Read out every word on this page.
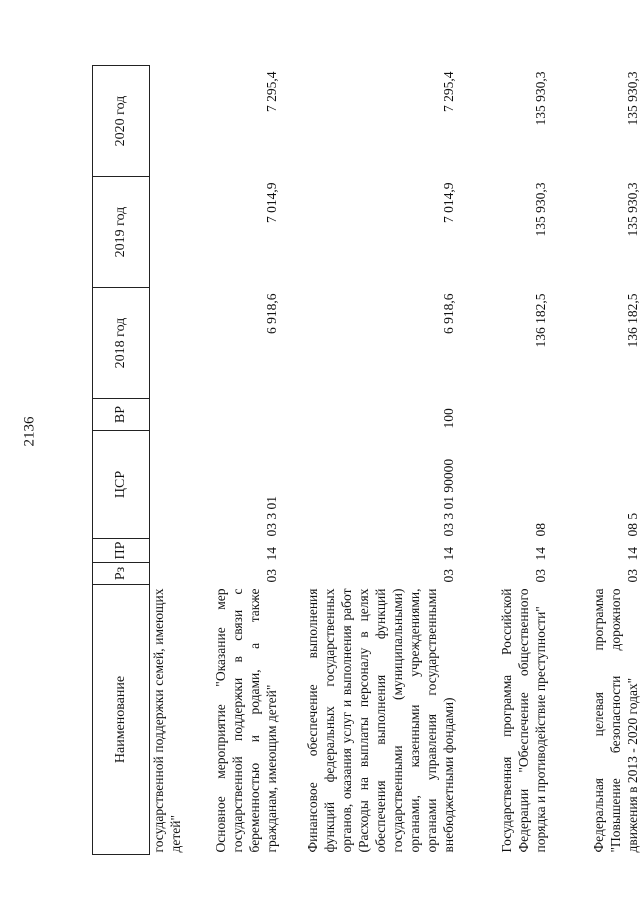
2136
Наименование	Рз	ПР	ЦСР	ВР	2018 год	2019 год	2020 год
государственной поддержки семей, имеющих детей"							
Основное мероприятие "Оказание мер государственной поддержки в связи с беременностью и родами, а также гражданам, имеющим детей"	03	14	03 3 01		6 918,6	7 014,9	7 295,4
Финансовое обеспечение выполнения функций федеральных государственных органов, оказания услуг и выполнения работ (Расходы на выплаты персоналу в целях обеспечения выполнения функций государственными (муниципальными) органами, казенными учреждениями, органами управления государственными внебюджетными фондами)	03	14	03 3 01 90000	100	6 918,6	7 014,9	7 295,4
Государственная программа Российской Федерации "Обеспечение общественного порядка и противодействие преступности"	03	14	08		136 182,5	135 930,3	135 930,3
Федеральная целевая программа "Повышение безопасности дорожного движения в 2013 - 2020 годах"	03	14	08 5		136 182,5	135 930,3	135 930,3
